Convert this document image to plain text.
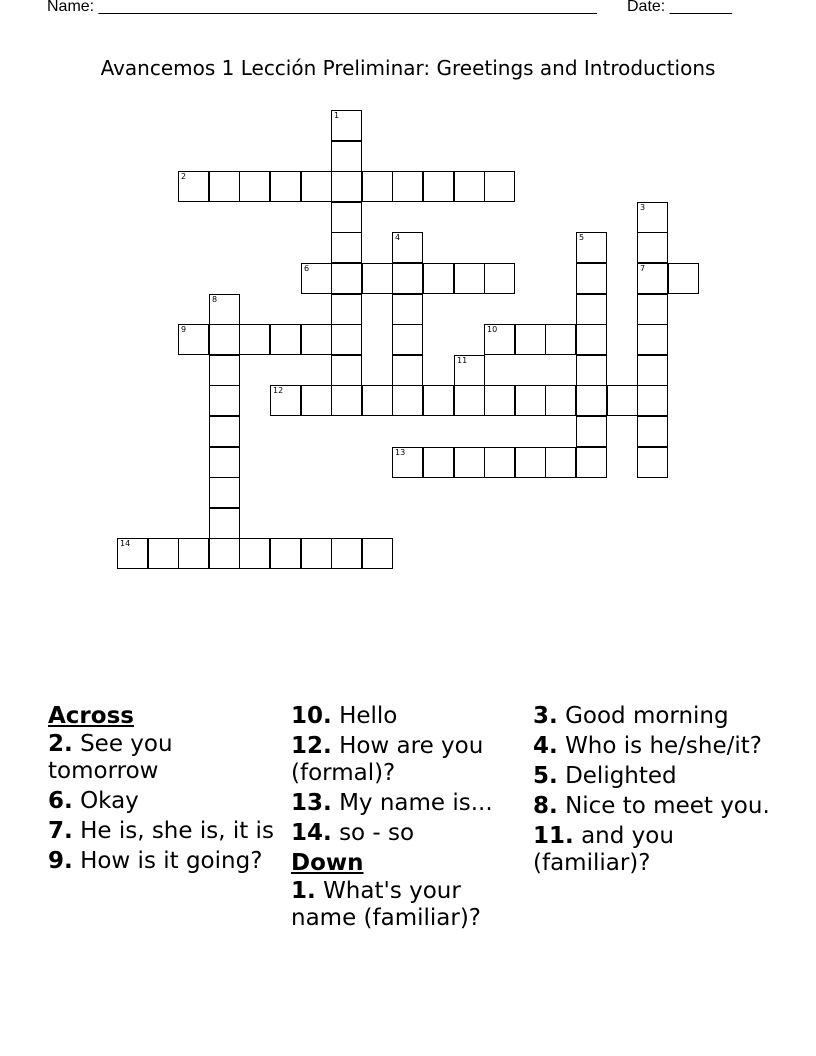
Name: ________________________________________________________ Date: _______
Avancemos 1 Lección Preliminar: Greetings and Introductions
1
2
3
7
4	5
6
8
9	10
11
12
13
14
Across
2. See you tomorrow
6. Okay
7. He is, she is, it is
9. How is it going?
10. Hello
12. How are you (formal)?
13. My name is...
14. so - so
Down
1. What's your name (familiar)?
3. Good morning
4. Who is he/she/it?
5. Delighted
8. Nice to meet you.
11. and you (familiar)?
